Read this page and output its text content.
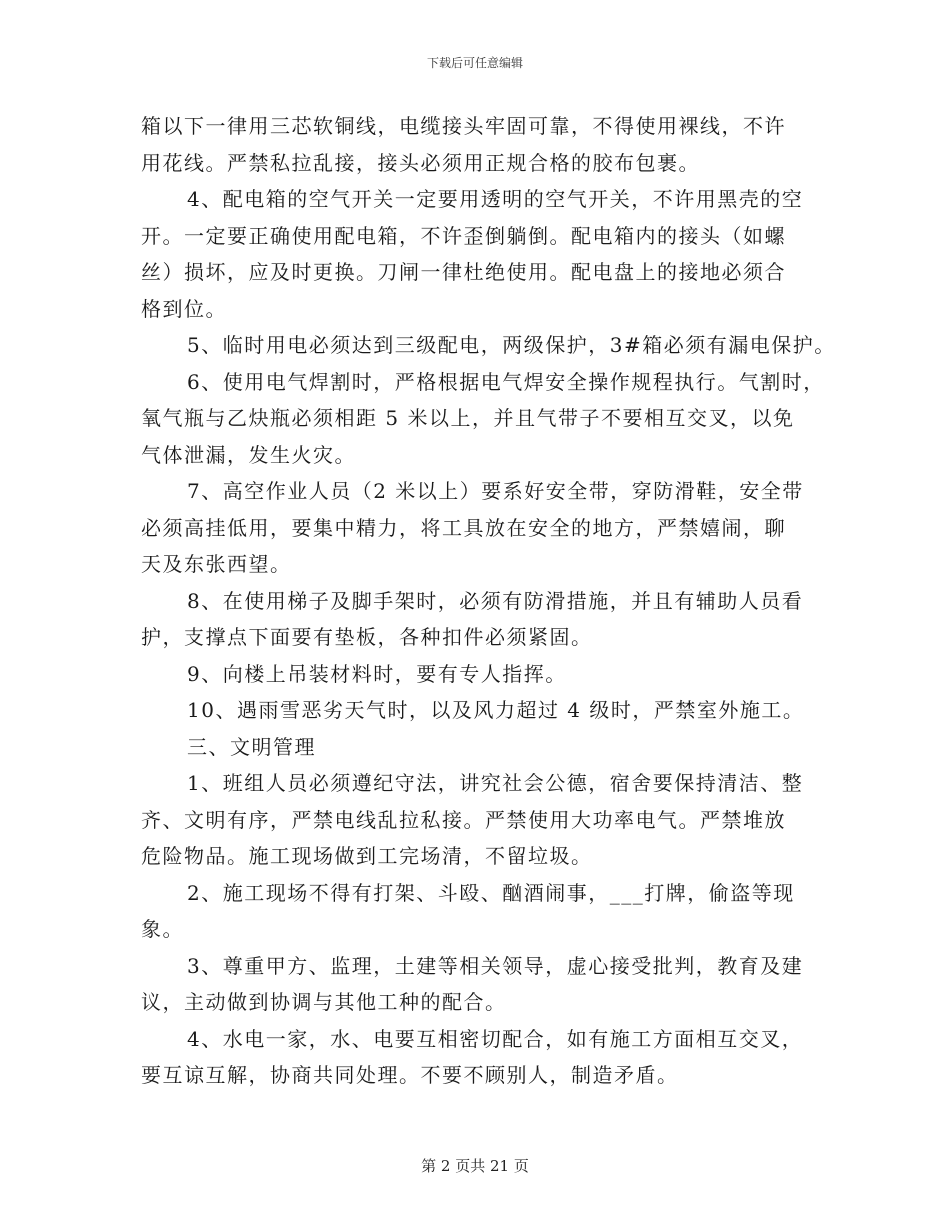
下载后可任意编辑
箱以下一律用三芯软铜线，电缆接头牢固可靠，不得使用裸线，不许
用花线。严禁私拉乱接，接头必须用正规合格的胶布包裹。
4、配电箱的空气开关一定要用透明的空气开关，不许用黑壳的空
开。一定要正确使用配电箱，不许歪倒躺倒。配电箱内的接头（如螺
丝）损坏，应及时更换。刀闸一律杜绝使用。配电盘上的接地必须合
格到位。
5、临时用电必须达到三级配电，两级保护，3#箱必须有漏电保护。
6、使用电气焊割时，严格根据电气焊安全操作规程执行。气割时，
氧气瓶与乙炔瓶必须相距 5 米以上，并且气带子不要相互交叉，以免
气体泄漏，发生火灾。
7、高空作业人员（2 米以上）要系好安全带，穿防滑鞋，安全带
必须高挂低用，要集中精力，将工具放在安全的地方，严禁嬉闹，聊
天及东张西望。
8、在使用梯子及脚手架时，必须有防滑措施，并且有辅助人员看
护，支撑点下面要有垫板，各种扣件必须紧固。
9、向楼上吊装材料时，要有专人指挥。
10、遇雨雪恶劣天气时，以及风力超过 4 级时，严禁室外施工。
三、文明管理
1、班组人员必须遵纪守法，讲究社会公德，宿舍要保持清洁、整
齐、文明有序，严禁电线乱拉私接。严禁使用大功率电气。严禁堆放
危险物品。施工现场做到工完场清，不留垃圾。
2、施工现场不得有打架、斗殴、酗酒闹事，___打牌，偷盗等现
象。
3、尊重甲方、监理，土建等相关领导，虚心接受批判，教育及建
议，主动做到协调与其他工种的配合。
4、水电一家，水、电要互相密切配合，如有施工方面相互交叉，
要互谅互解，协商共同处理。不要不顾别人，制造矛盾。
第 2 页共 21 页
